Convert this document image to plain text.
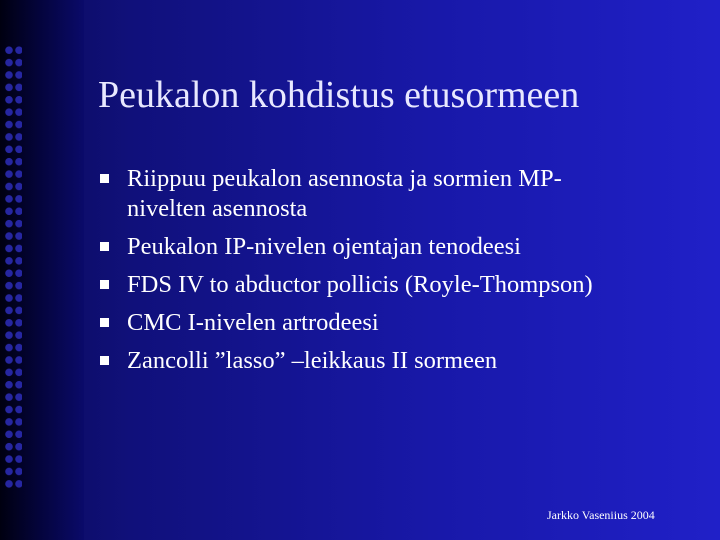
Peukalon kohdistus etusormeen
Riippuu peukalon asennosta ja sormien MP-
nivelten asennosta
Peukalon IP-nivelen ojentajan tenodeesi
FDS IV to abductor pollicis (Royle-Thompson)
CMC I-nivelen artrodeesi
Zancolli ”lasso” –leikkaus II sormeen
Jarkko Vaseniius 2004
